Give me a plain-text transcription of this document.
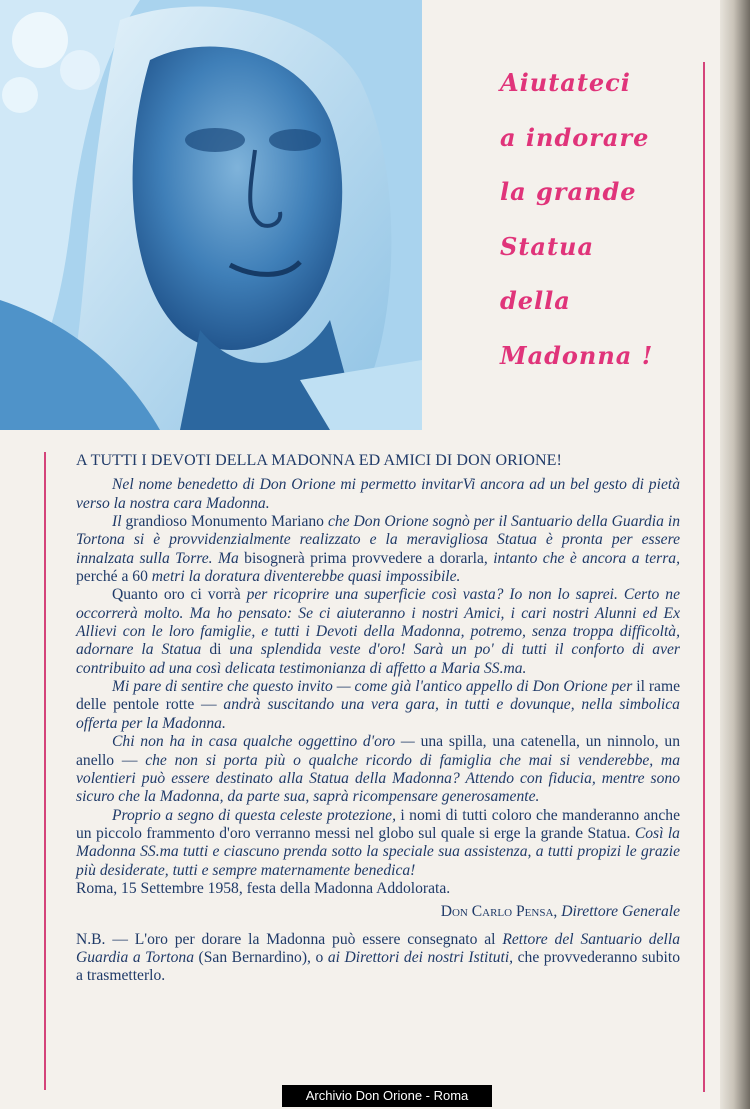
Aiutateci
a indorare
la grande
Statua
della
Madonna !

A TUTTI I DEVOTI DELLA MADONNA ED AMICI DI DON ORIONE!

Nel nome benedetto di Don Orione mi permetto invitarVi ancora ad un bel gesto di pietà verso la nostra cara Madonna.

Il grandioso Monumento Mariano che Don Orione sognò per il Santuario della Guardia in Tortona si è provvidenzialmente realizzato e la meravigliosa Statua è pronta per essere innalzata sulla Torre. Ma bisognerà prima provvedere a dorarla, intanto che è ancora a terra, perché a 60 metri la doratura diventerebbe quasi impossibile.

Quanto oro ci vorrà per ricoprire una superficie così vasta? Io non lo saprei. Certo ne occorrerà molto. Ma ho pensato: Se ci aiuteranno i nostri Amici, i cari nostri Alunni ed Ex Allievi con le loro famiglie, e tutti i Devoti della Madonna, potremo, senza troppa difficoltà, adornare la Statua di una splendida veste d'oro! Sarà un po' di tutti il conforto di aver contribuito ad una così delicata testimonianza di affetto a Maria SS.ma.

Mi pare di sentire che questo invito — come già l'antico appello di Don Orione per il rame delle pentole rotte — andrà suscitando una vera gara, in tutti e dovunque, nella simbolica offerta per la Madonna.

Chi non ha in casa qualche oggettino d'oro — una spilla, una catenella, un ninnolo, un anello — che non si porta più o qualche ricordo di famiglia che mai si venderebbe, ma volentieri può essere destinato alla Statua della Madonna? Attendo con fiducia, mentre sono sicuro che la Madonna, da parte sua, saprà ricompensare generosamente.

Proprio a segno di questa celeste protezione, i nomi di tutti coloro che manderanno anche un piccolo frammento d'oro verranno messi nel globo sul quale si erge la grande Statua. Così la Madonna SS.ma tutti e ciascuno prenda sotto la speciale sua assistenza, a tutti propizi le grazie più desiderate, tutti e sempre maternamente benedica!

Roma, 15 Settembre 1958, festa della Madonna Addolorata.

Don Carlo Pensa, Direttore Generale

N.B. — L'oro per dorare la Madonna può essere consegnato al Rettore del Santuario della Guardia a Tortona (San Bernardino), o ai Direttori dei nostri Istituti, che provvederanno subito a trasmetterlo.

Archivio Don Orione - Roma
